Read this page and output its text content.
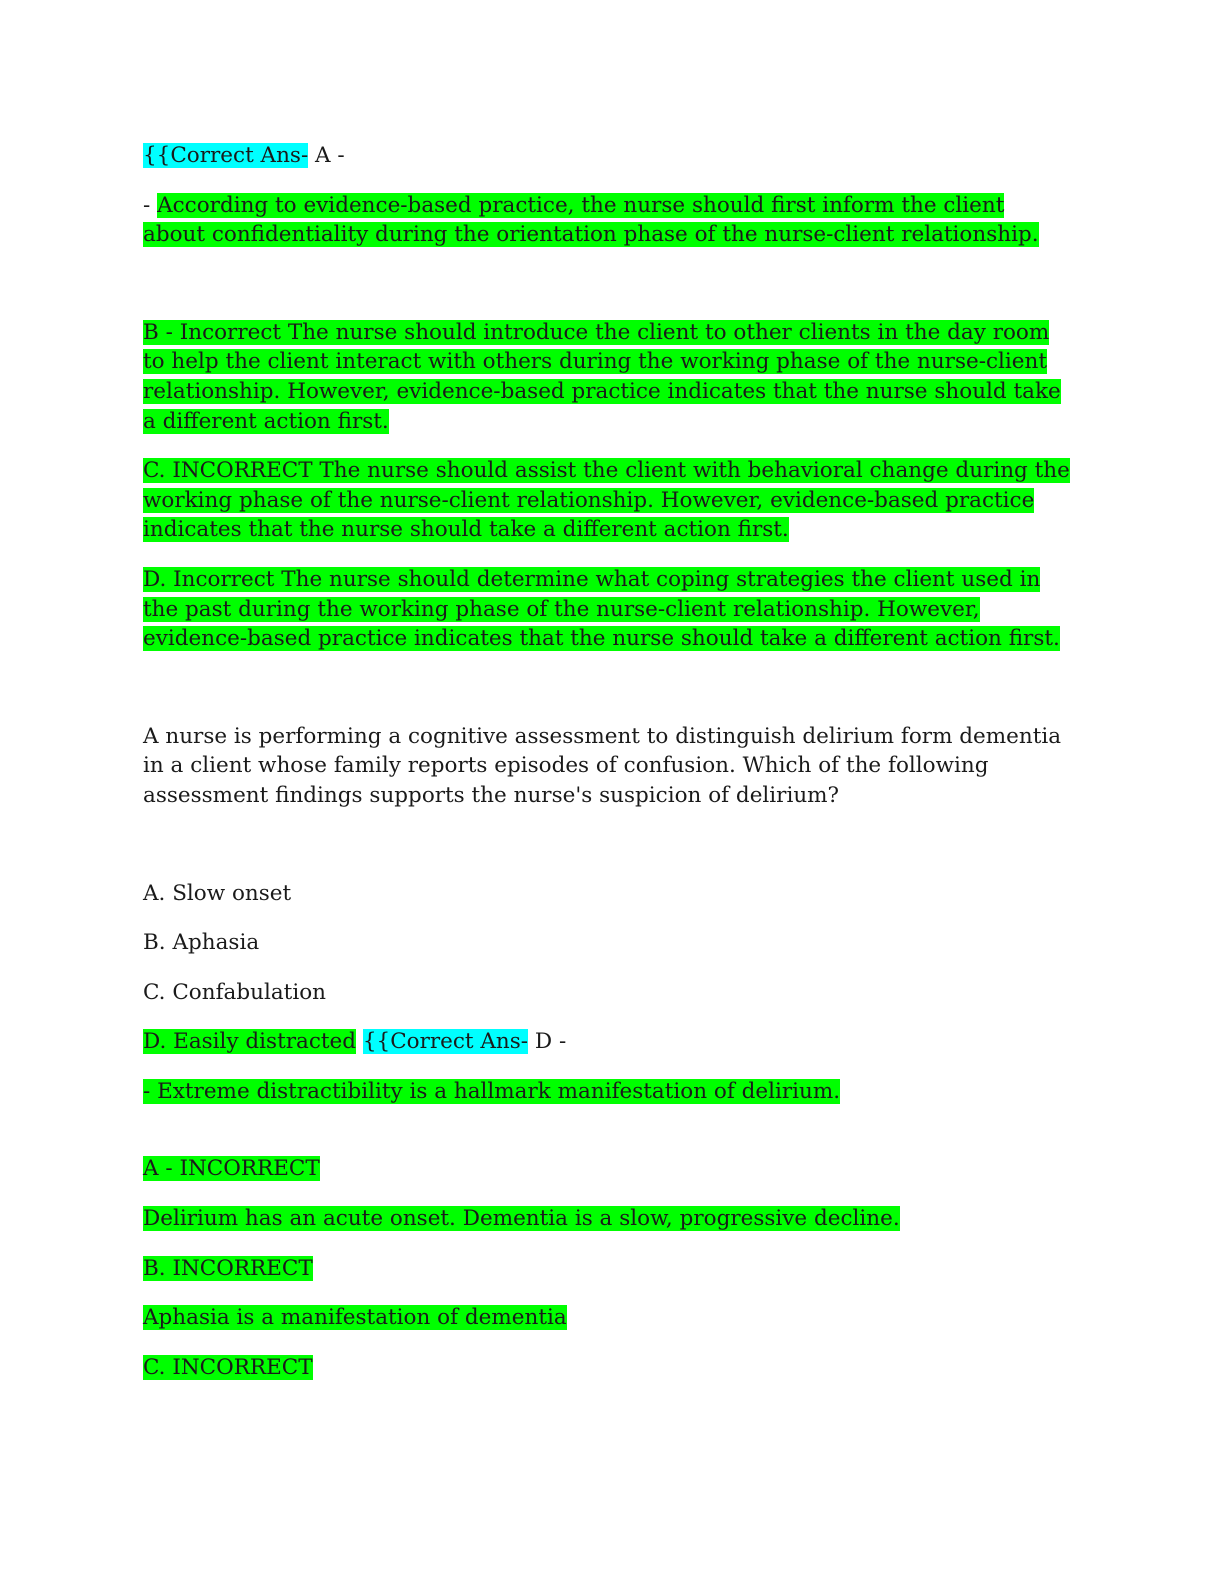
{{Correct Ans- A -

- According to evidence-based practice, the nurse should first inform the client about confidentiality during the orientation phase of the nurse-client relationship.

B - Incorrect The nurse should introduce the client to other clients in the day room to help the client interact with others during the working phase of the nurse-client relationship. However, evidence-based practice indicates that the nurse should take a different action first.

C. INCORRECT The nurse should assist the client with behavioral change during the working phase of the nurse-client relationship. However, evidence-based practice indicates that the nurse should take a different action first.

D. Incorrect The nurse should determine what coping strategies the client used in the past during the working phase of the nurse-client relationship. However, evidence-based practice indicates that the nurse should take a different action first.

A nurse is performing a cognitive assessment to distinguish delirium form dementia in a client whose family reports episodes of confusion. Which of the following assessment findings supports the nurse's suspicion of delirium?

A. Slow onset

B. Aphasia

C. Confabulation

D. Easily distracted {{Correct Ans- D -

- Extreme distractibility is a hallmark manifestation of delirium.

A - INCORRECT

Delirium has an acute onset. Dementia is a slow, progressive decline.

B. INCORRECT

Aphasia is a manifestation of dementia

C. INCORRECT
